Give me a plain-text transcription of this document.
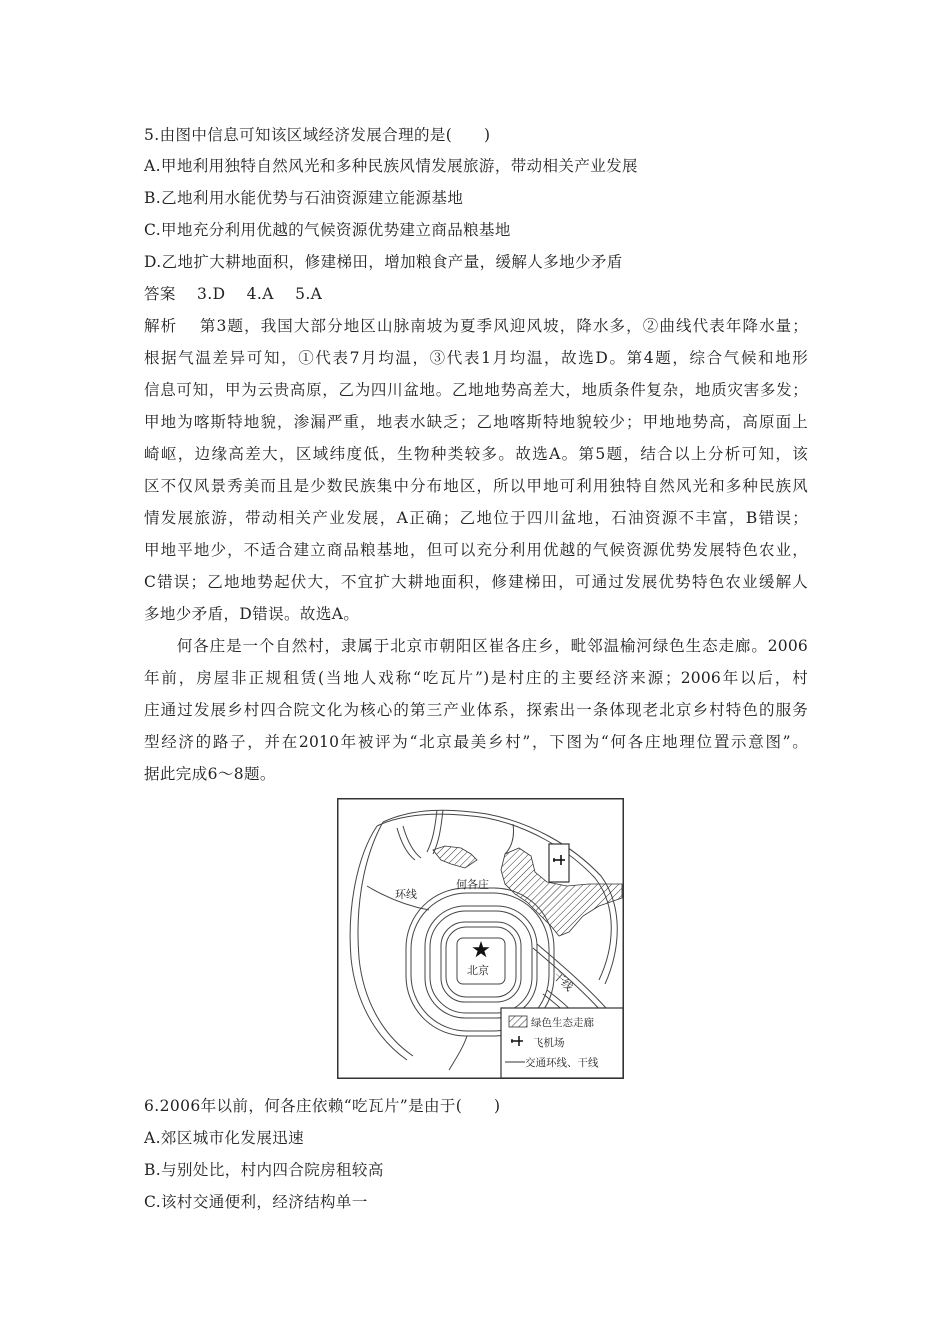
5.由图中信息可知该区域经济发展合理的是(　　)
A.甲地利用独特自然风光和多种民族风情发展旅游，带动相关产业发展
B.乙地利用水能优势与石油资源建立能源基地
C.甲地充分利用优越的气候资源优势建立商品粮基地
D.乙地扩大耕地面积，修建梯田，增加粮食产量，缓解人多地少矛盾
答案　 3.D　 4.A　 5.A
解析　 第3题，我国大部分地区山脉南坡为夏季风迎风坡，降水多，②曲线代表年降水量；
根据气温差异可知，①代表7月均温，③代表1月均温，故选D。第4题，综合气候和地形
信息可知，甲为云贵高原，乙为四川盆地。乙地地势高差大，地质条件复杂，地质灾害多发；
甲地为喀斯特地貌，渗漏严重，地表水缺乏；乙地喀斯特地貌较少；甲地地势高，高原面上
崎岖，边缘高差大，区域纬度低，生物种类较多。故选A。第5题，结合以上分析可知，该
区不仅风景秀美而且是少数民族集中分布地区，所以甲地可利用独特自然风光和多种民族风
情发展旅游，带动相关产业发展，A正确；乙地位于四川盆地，石油资源不丰富，B错误；
甲地平地少，不适合建立商品粮基地，但可以充分利用优越的气候资源优势发展特色农业，
C错误；乙地地势起伏大，不宜扩大耕地面积，修建梯田，可通过发展优势特色农业缓解人
多地少矛盾，D错误。故选A。
　　何各庄是一个自然村，隶属于北京市朝阳区崔各庄乡，毗邻温榆河绿色生态走廊。2006
年前，房屋非正规租赁(当地人戏称“吃瓦片”)是村庄的主要经济来源；2006年以后，村
庄通过发展乡村四合院文化为核心的第三产业体系，探索出一条体现老北京乡村特色的服务
型经济的路子，并在2010年被评为“北京最美乡村”，下图为“何各庄地理位置示意图”。
据此完成6～8题。
环线
何各庄
北京	干线
绿色生态走廊
飞机场
交通环线、干线
6.2006年以前，何各庄依赖“吃瓦片”是由于(　　)
A.郊区城市化发展迅速
B.与别处比，村内四合院房租较高
C.该村交通便利，经济结构单一
